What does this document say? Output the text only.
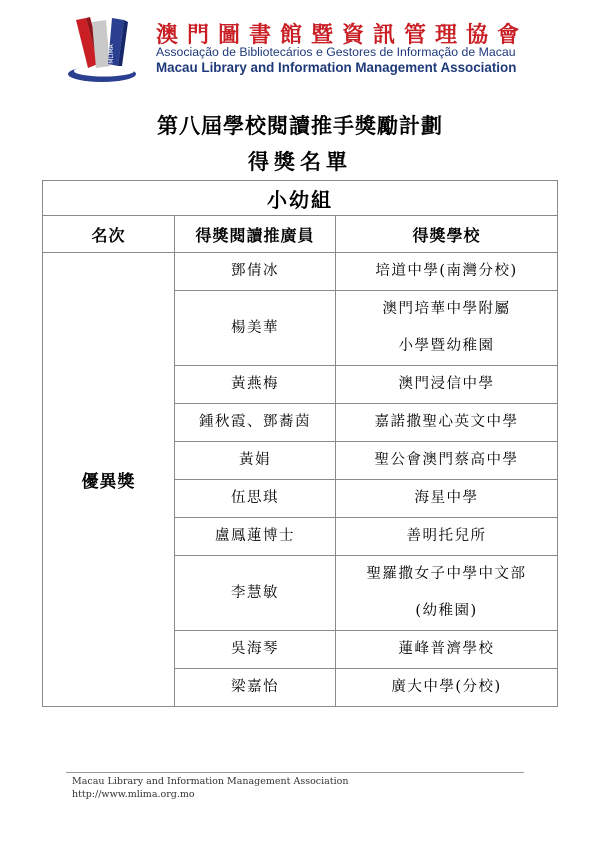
MLIMA
澳門圖書館暨資訊管理協會
Associação de Bibliotecários e Gestores de Informação de Macau
Macau Library and Information Management Association
第八屆學校閱讀推手獎勵計劃
得獎名單
小幼組		
名次	得獎閱讀推廣員	得獎學校
優異獎	鄧倩冰	培道中學(南灣分校)

	楊美華	澳門培華中學附屬
小學暨幼稚園

	黃燕梅	澳門浸信中學

	鍾秋霞、鄧蕎茵	嘉諾撒聖心英文中學

	黃娟	聖公會澳門蔡高中學

	伍思琪	海星中學

	盧鳳蓮博士	善明托兒所

	李慧敏	聖羅撒女子中學中文部
(幼稚園)

	吳海琴	蓮峰普濟學校

	梁嘉怡	廣大中學(分校)
Macau Library and Information Management Association
http://www.mlima.org.mo
